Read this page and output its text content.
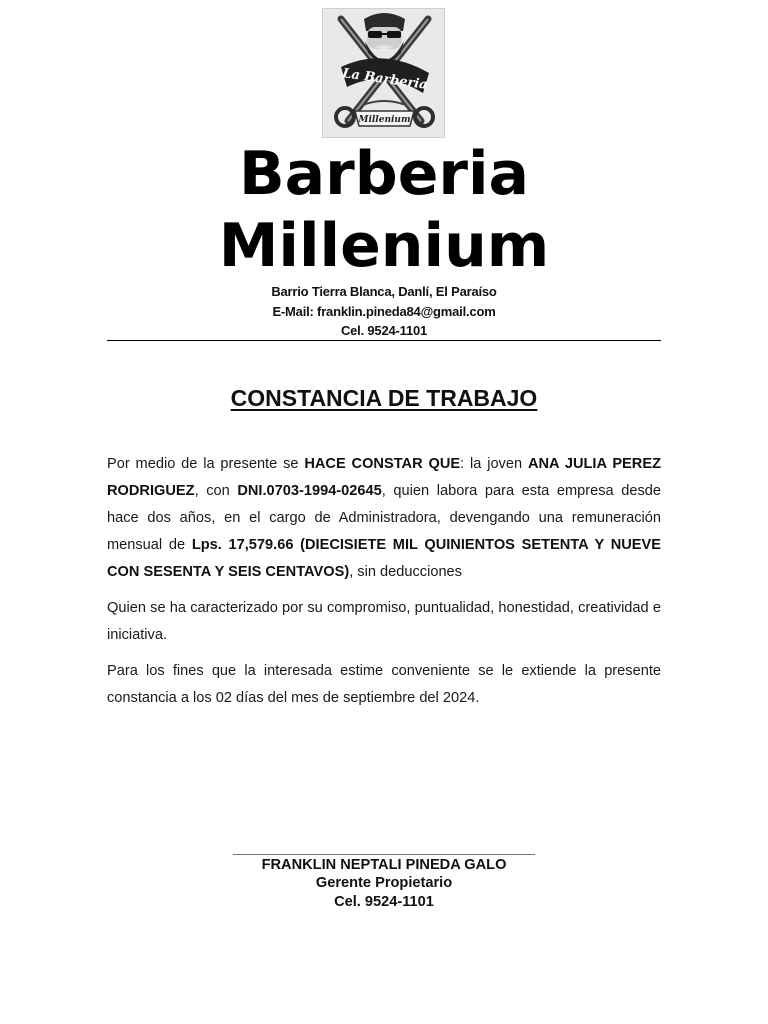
La Barberia
Millenium
Barberia
Millenium
Barrio Tierra Blanca, Danlí, El Paraíso
E-Mail: franklin.pineda84@gmail.com
Cel. 9524-1101
CONSTANCIA DE TRABAJO

Por medio de la presente se HACE CONSTAR QUE: la joven ANA JULIA PEREZ RODRIGUEZ, con DNI.0703-1994-02645, quien labora para esta empresa desde hace dos años, en el cargo de Administradora, devengando una remuneración mensual de Lps. 17,579.66 (DIECISIETE MIL QUINIENTOS SETENTA Y NUEVE CON SESENTA Y SEIS CENTAVOS), sin deducciones

Quien se ha caracterizado por su compromiso, puntualidad, honestidad, creatividad e iniciativa.

Para los fines que la interesada estime conveniente se le extiende la presente constancia a los 02 días del mes de septiembre del 2024.

FRANKLIN NEPTALI PINEDA GALO
Gerente Propietario
Cel. 9524-1101
